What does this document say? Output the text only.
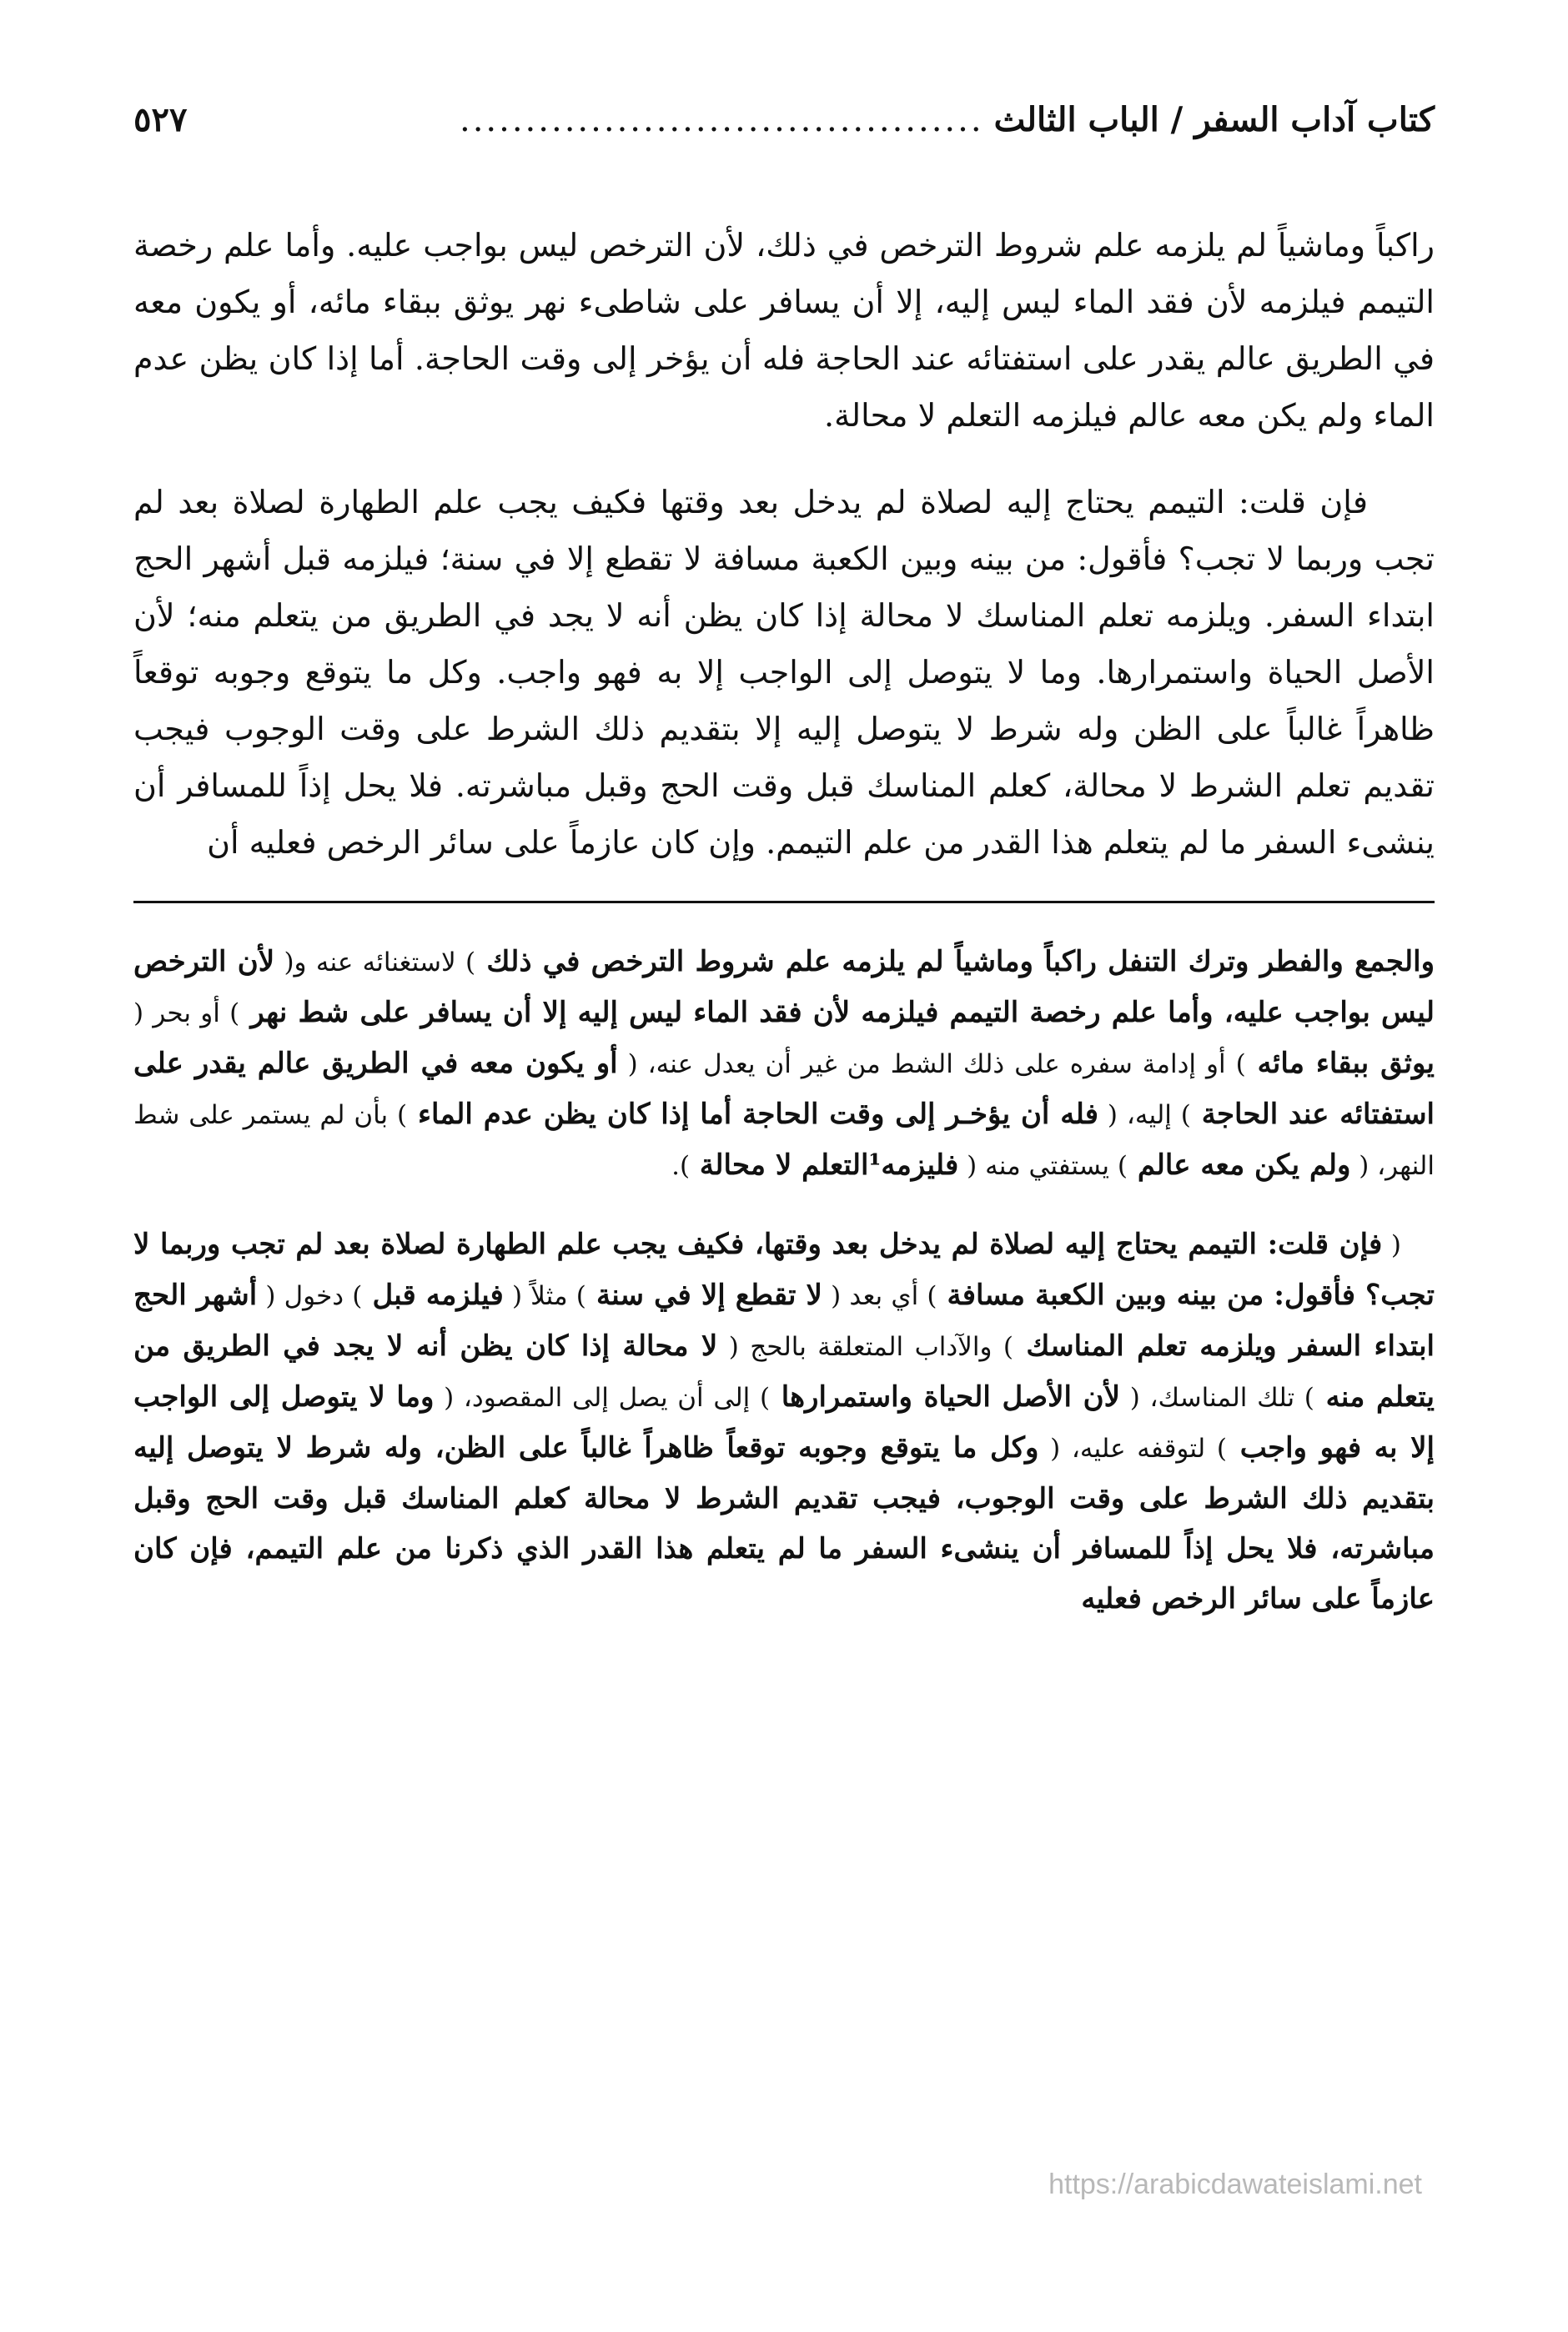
كتاب آداب السفر / الباب الثالث
........................................
٥٢٧

راكباً وماشياً لم يلزمه علم شروط الترخص في ذلك، لأن الترخص ليس بواجب عليه. وأما علم رخصة التيمم فيلزمه لأن فقد الماء ليس إليه، إلا أن يسافر على شاطىء نهر يوثق ببقاء مائه، أو يكون معه في الطريق عالم يقدر على استفتائه عند الحاجة فله أن يؤخر إلى وقت الحاجة. أما إذا كان يظن عدم الماء ولم يكن معه عالم فيلزمه التعلم لا محالة.

فإن قلت: التيمم يحتاج إليه لصلاة لم يدخل بعد وقتها فكيف يجب علم الطهارة لصلاة بعد لم تجب وربما لا تجب؟ فأقول: من بينه وبين الكعبة مسافة لا تقطع إلا في سنة؛ فيلزمه قبل أشهر الحج ابتداء السفر. ويلزمه تعلم المناسك لا محالة إذا كان يظن أنه لا يجد في الطريق من يتعلم منه؛ لأن الأصل الحياة واستمرارها. وما لا يتوصل إلى الواجب إلا به فهو واجب. وكل ما يتوقع وجوبه توقعاً ظاهراً غالباً على الظن وله شرط لا يتوصل إليه إلا بتقديم ذلك الشرط على وقت الوجوب فيجب تقديم تعلم الشرط لا محالة، كعلم المناسك قبل وقت الحج وقبل مباشرته. فلا يحل إذاً للمسافر أن ينشىء السفر ما لم يتعلم هذا القدر من علم التيمم. وإن كان عازماً على سائر الرخص فعليه أن

والجمع والفطر وترك التنفل راكباً وماشياً لم يلزمه علم شروط الترخص في ذلك ) لاستغنائه عنه و( لأن الترخص ليس بواجب عليه، وأما علم رخصة التيمم فيلزمه لأن فقد الماء ليس إليه إلا أن يسافر على شط نهر ) أو بحر ( يوثق ببقاء مائه ) أو إدامة سفره على ذلك الشط من غير أن يعدل عنه، ( أو يكون معه في الطريق عالم يقدر على استفتائه عند الحاجة ) إليه، ( فله أن يؤخـر إلى وقت الحاجة أما إذا كان يظن عدم الماء ) بأن لم يستمر على شط النهر، ( ولم يكن معه عالم ) يستفتي منه ( فليزمه¹التعلم لا محالة ).

( فإن قلت: التيمم يحتاج إليه لصلاة لم يدخل بعد وقتها، فكيف يجب علم الطهارة لصلاة بعد لم تجب وربما لا تجب؟ فأقول: من بينه وبين الكعبة مسافة ) أي بعد ( لا تقطع إلا في سنة ) مثلاً ( فيلزمه قبل ) دخول ( أشهر الحج ابتداء السفر ويلزمه تعلم المناسك ) والآداب المتعلقة بالحج ( لا محالة إذا كان يظن أنه لا يجد في الطريق من يتعلم منه ) تلك المناسك، ( لأن الأصل الحياة واستمرارها ) إلى أن يصل إلى المقصود، ( وما لا يتوصل إلى الواجب إلا به فهو واجب ) لتوقفه عليه، ( وكل ما يتوقع وجوبه توقعاً ظاهراً غالباً على الظن، وله شرط لا يتوصل إليه بتقديم ذلك الشرط على وقت الوجوب، فيجب تقديم الشرط لا محالة كعلم المناسك قبل وقت الحج وقبل مباشرته، فلا يحل إذاً للمسافر أن ينشىء السفر ما لم يتعلم هذا القدر الذي ذكرنا من علم التيمم، فإن كان عازماً على سائر الرخص فعليه

https://arabicdawateislami.net
